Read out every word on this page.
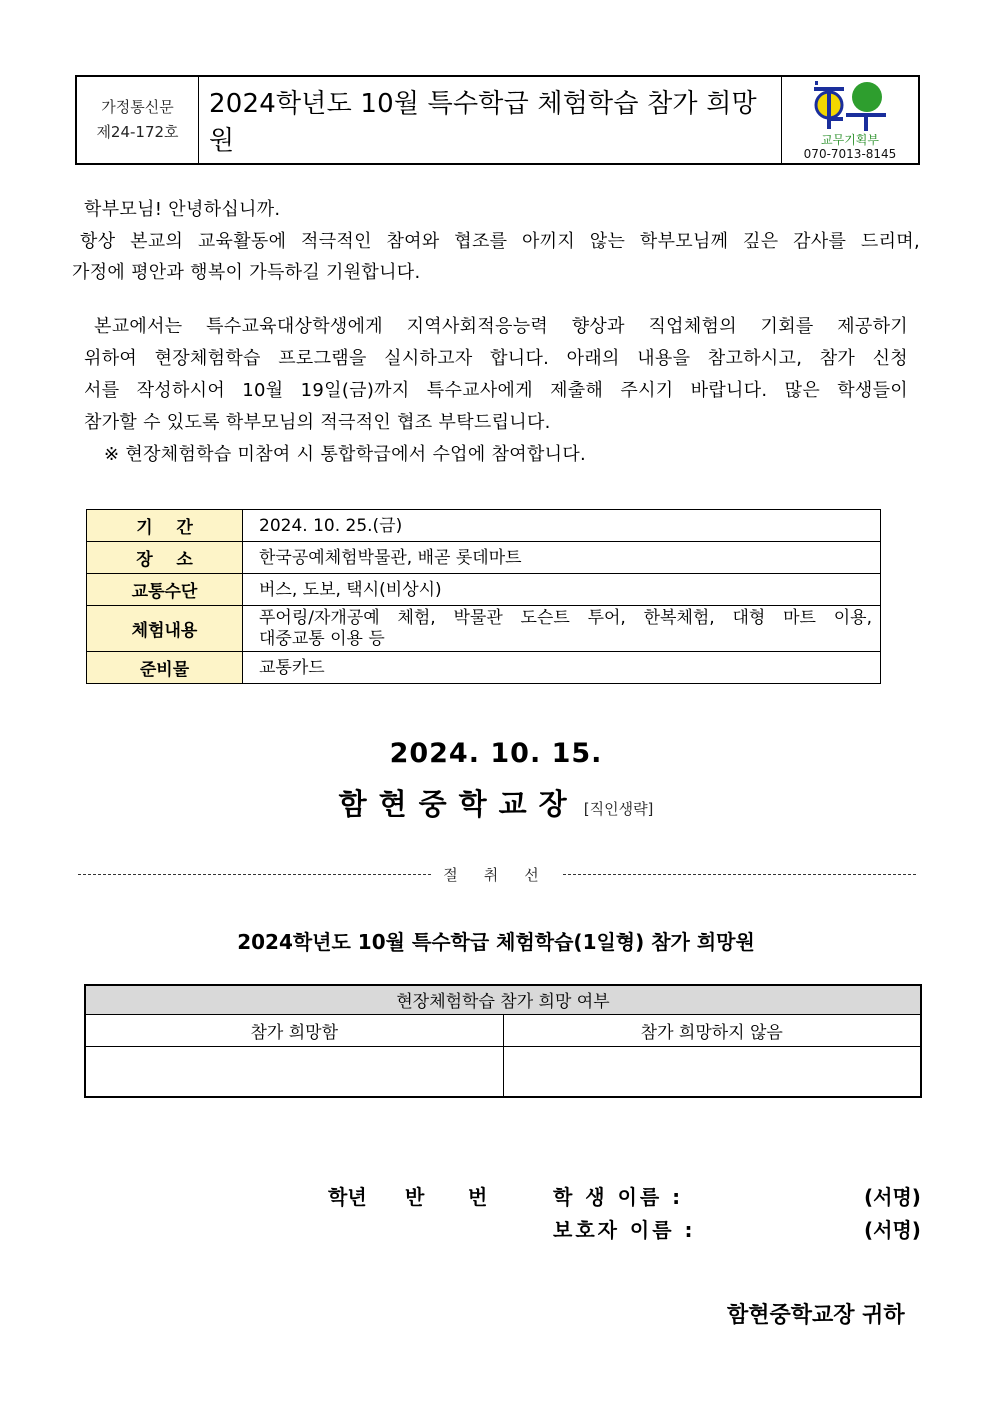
가정통신문
제24-172호
2024학년도 10월 특수학급 체험학습 참가 희망원	교무기획부
070-7013-8145
학부모님! 안녕하십니까.
항상 본교의 교육활동에 적극적인 참여와 협조를 아끼지 않는 학부모님께 깊은 감사를 드리며,
가정에 평안과 행복이 가득하길 기원합니다.
본교에서는 특수교육대상학생에게 지역사회적응능력 향상과 직업체험의 기회를 제공하기
위하여 현장체험학습 프로그램을 실시하고자 합니다. 아래의 내용을 참고하시고, 참가 신청
서를 작성하시어 10월 19일(금)까지 특수교사에게 제출해 주시기 바랍니다. 많은 학생들이
참가할 수 있도록 학부모님의 적극적인 협조 부탁드립니다.
※ 현장체험학습 미참여 시 통합학급에서 수업에 참여합니다.
기    간	2024. 10. 25.(금)
장    소	한국공예체험박물관, 배곧 롯데마트
교통수단	버스, 도보, 택시(비상시)
체험내용	푸어링/자개공예 체험, 박물관 도슨트 투어, 한복체험, 대형 마트 이용,
대중교통 이용 등

준비물	교통카드
2024. 10. 15.
함현중학교장 [직인생략]
절취선
2024학년도 10월 특수학급 체험학습(1일형) 참가 희망원
현장체험학습 참가 희망 여부	
참가 희망함	참가 희망하지 않음

학년 반 번	학 생 이름 :	(서명)
보호자 이름 :	(서명)
함현중학교장 귀하
